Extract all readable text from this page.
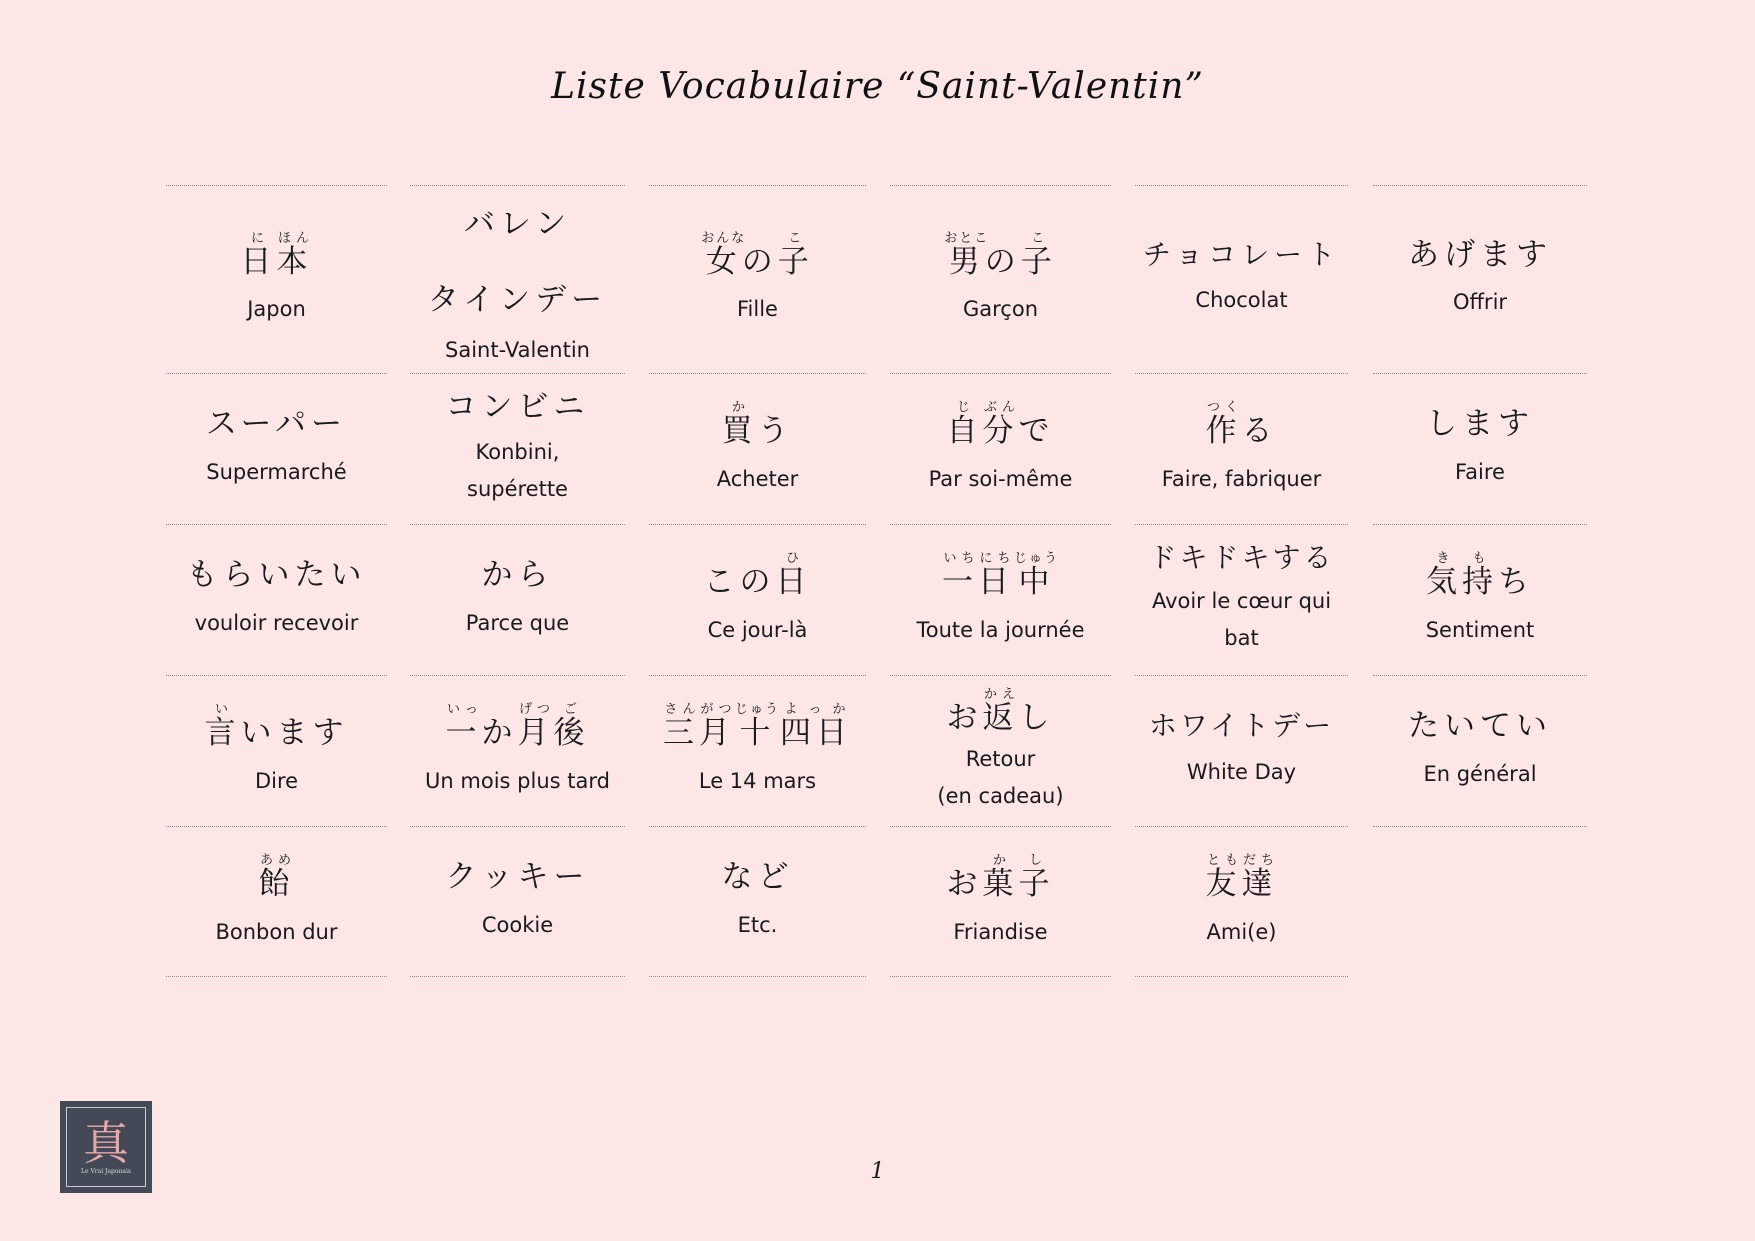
Liste Vocabulaire “Saint-Valentin”
日に本ほん
Japon
バレン
タインデー
Saint-Valentin
女おんなの子こ
Fille
男おとこの子こ
Garçon
チョコレート
Chocolat
あげます
Offrir
スーパー
Supermarché
コンビニ
Konbini,
supérette
買かう
Acheter
自じ分ぶんで
Par soi-même
作つくる
Faire, fabriquer
します
Faire
もらいたい
vouloir recevoir
から
Parce que
この日ひ
Ce jour-là
一日いちにち中じゅう
Toute la journée
ドキドキする
Avoir le cœur qui
bat
気き持もち
Sentiment
言いいます
Dire
一いっか月げつ後ご
Un mois plus tard
三月さんがつ十じゅう四日よっか
Le 14 mars
お返かえし
Retour
(en cadeau)
ホワイトデー
White Day
たいてい
En général
飴あめ
Bonbon dur
クッキー
Cookie
など
Etc.
お菓か子し
Friandise
友達ともだち
Ami(e)
真
Le Vrai Japonais	1
